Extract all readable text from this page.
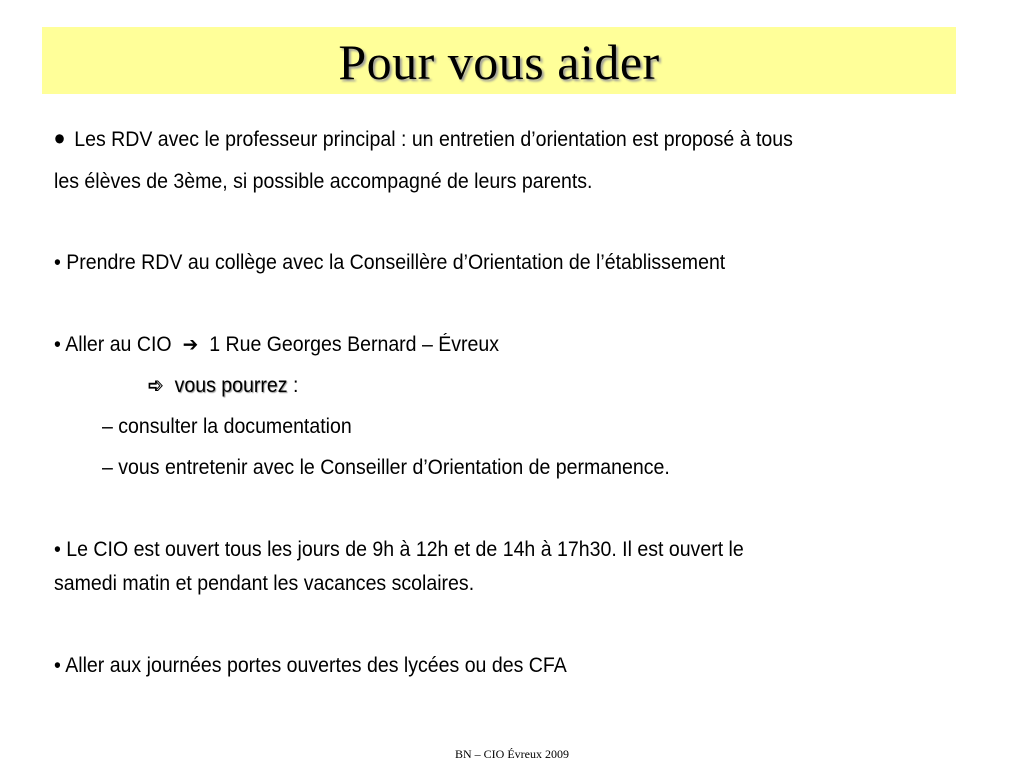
Pour vous aider
• Les RDV avec le professeur principal : un entretien d’orientation est proposé à tous
les élèves de 3ème, si possible accompagné de leurs parents.
• Prendre RDV au collège avec la Conseillère d’Orientation de l’établissement
• Aller au CIO ➔ 1 Rue Georges Bernard – Évreux
➩ vous pourrez :
– consulter la documentation
– vous entretenir avec le Conseiller d’Orientation de permanence.
• Le CIO est ouvert tous les jours de 9h à 12h et de 14h à 17h30. Il est ouvert le
samedi matin et pendant les vacances scolaires.
• Aller aux journées portes ouvertes des lycées ou des CFA
BN – CIO Évreux 2009
